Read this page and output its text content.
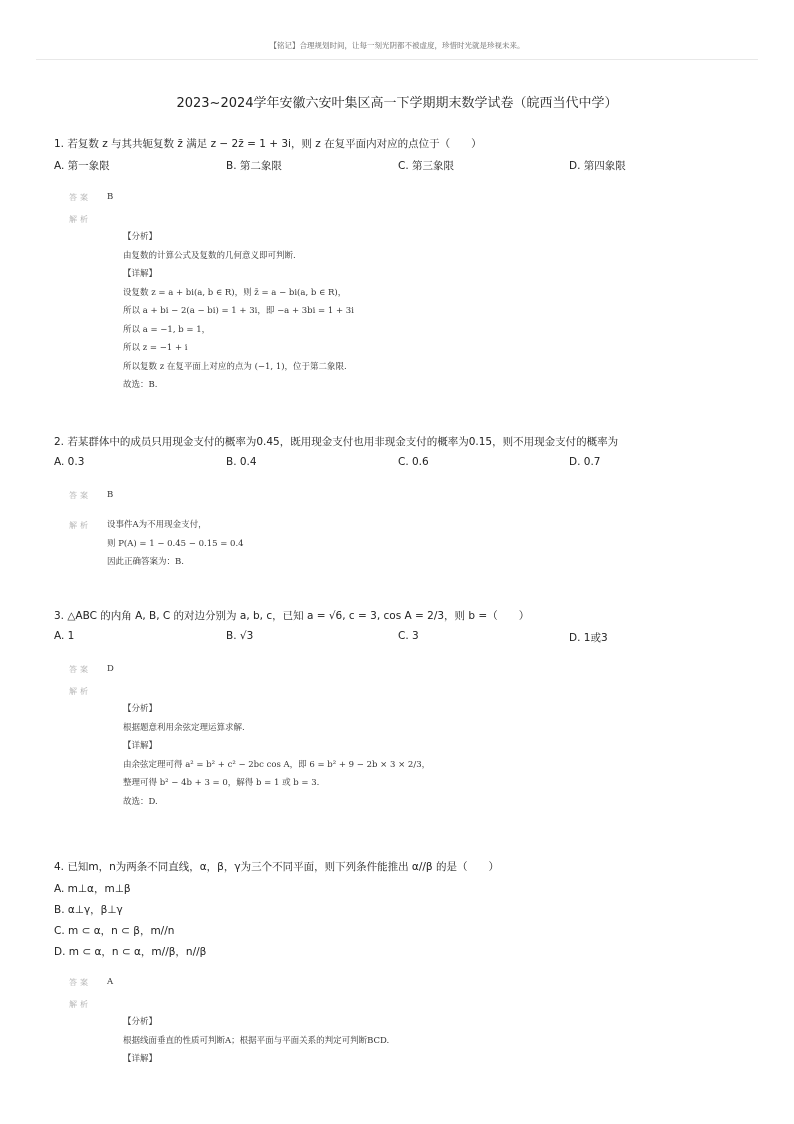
【铭记】合理规划时间，让每一刻光阴都不被虚度，珍惜时光就是珍视未来。
2023~2024学年安徽六安叶集区高一下学期期末数学试卷（皖西当代中学）
1. 若复数 z 与其共轭复数 z̄ 满足 z − 2z̄ = 1 + 3i，则 z 在复平面内对应的点位于（　　）
A. 第一象限	B. 第二象限	C. 第三象限	D. 第四象限
答案 B
解析
【分析】
由复数的计算公式及复数的几何意义即可判断.
【详解】
设复数 z = a + bi(a, b ∈ R)，则 z̄ = a − bi(a, b ∈ R)，
所以 a + bi − 2(a − bi) = 1 + 3i，即 −a + 3bi = 1 + 3i
所以 a = −1, b = 1，
所以 z = −1 + i
所以复数 z 在复平面上对应的点为 (−1, 1)，位于第二象限.
故选：B.
2. 若某群体中的成员只用现金支付的概率为0.45，既用现金支付也用非现金支付的概率为0.15，则不用现金支付的概率为
A. 0.3	B. 0.4	C. 0.6	D. 0.7
答案 B
解析 设事件A为不用现金支付，
则 P(A) = 1 − 0.45 − 0.15 = 0.4
因此正确答案为：B.
3. △ABC 的内角 A, B, C 的对边分别为 a, b, c，已知 a = √6, c = 3, cos A = 2/3，则 b =（　　）
A. 1	B. √3	C. 3	D. 1或3
答案 D
解析
【分析】
根据题意利用余弦定理运算求解.
【详解】
由余弦定理可得 a² = b² + c² − 2bc cos A，即 6 = b² + 9 − 2b × 3 × 2/3，
整理可得 b² − 4b + 3 = 0，解得 b = 1 或 b = 3.
故选：D.
4. 已知m，n为两条不同直线，α，β，γ为三个不同平面，则下列条件能推出 α//β 的是（　　）
A. m⊥α，m⊥β
B. α⊥γ，β⊥γ
C. m ⊂ α，n ⊂ β，m//n
D. m ⊂ α，n ⊂ α，m//β，n//β
答案 A
解析
【分析】
根据线面垂直的性质可判断A；根据平面与平面关系的判定可判断BCD.
【详解】
